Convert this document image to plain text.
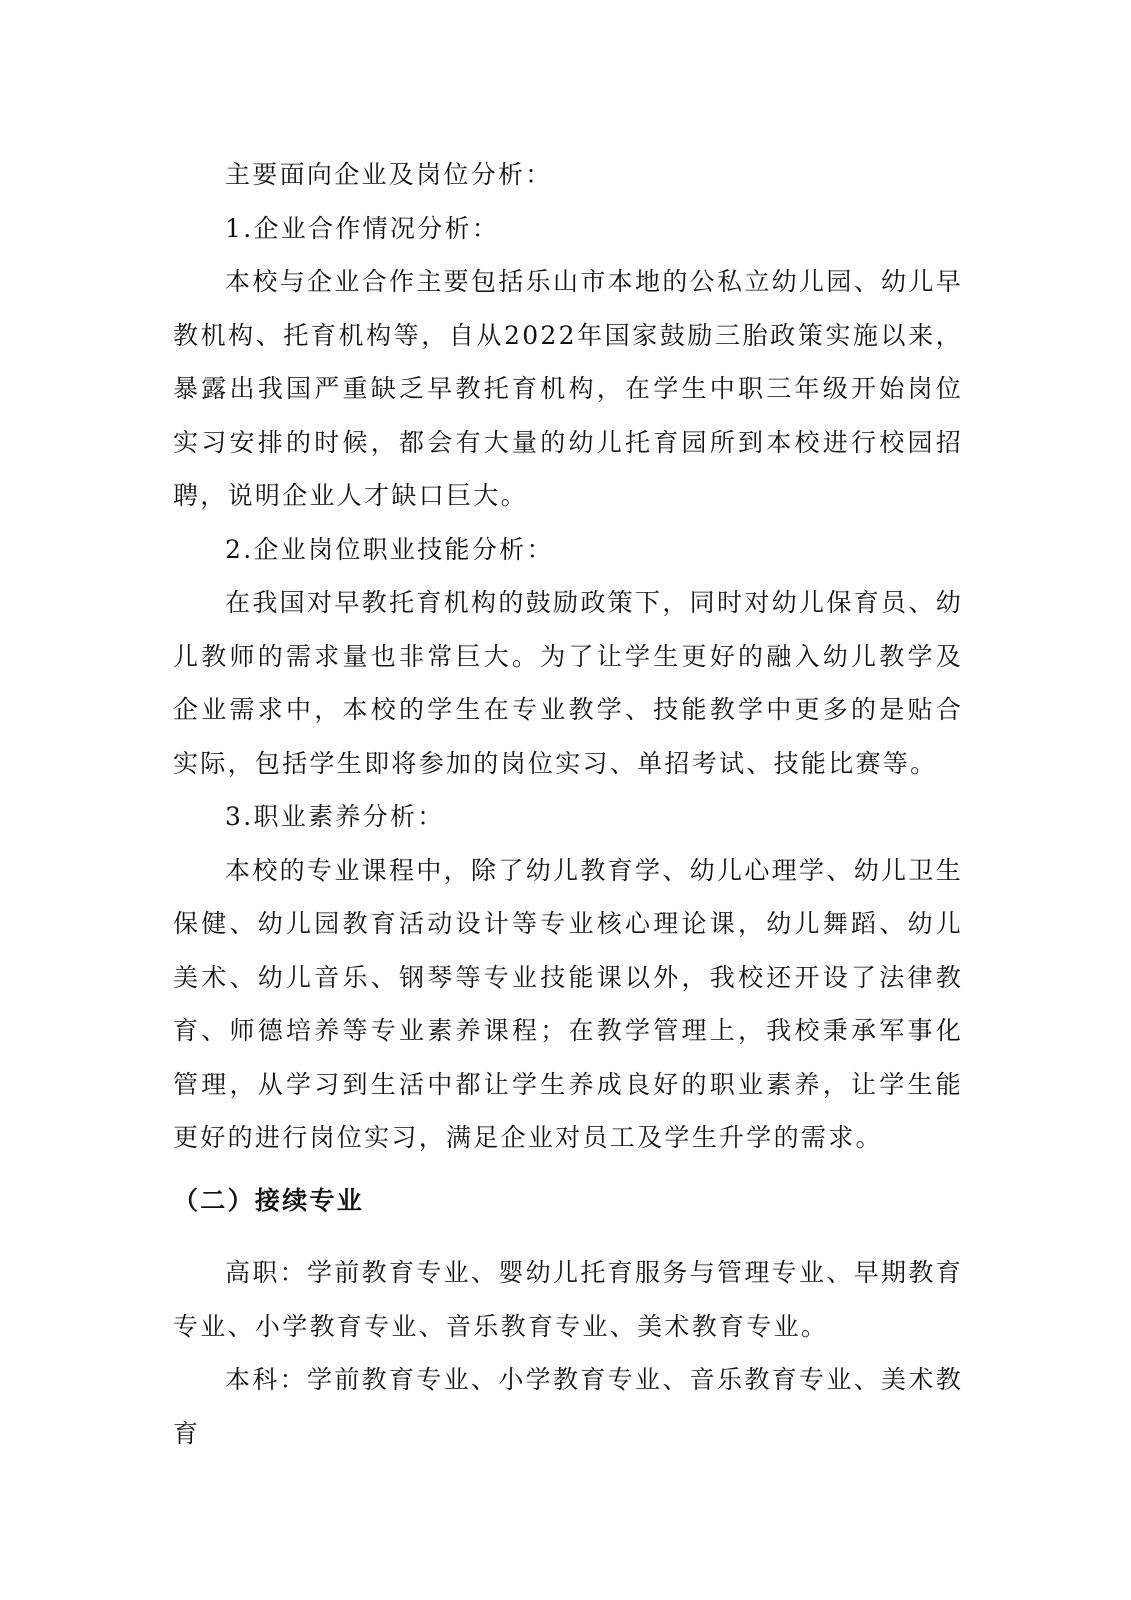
主要面向企业及岗位分析：

1.企业合作情况分析：

本校与企业合作主要包括乐山市本地的公私立幼儿园、幼儿早教机构、托育机构等，自从2022年国家鼓励三胎政策实施以来，暴露出我国严重缺乏早教托育机构，在学生中职三年级开始岗位实习安排的时候，都会有大量的幼儿托育园所到本校进行校园招聘，说明企业人才缺口巨大。

2.企业岗位职业技能分析：

在我国对早教托育机构的鼓励政策下，同时对幼儿保育员、幼儿教师的需求量也非常巨大。为了让学生更好的融入幼儿教学及企业需求中，本校的学生在专业教学、技能教学中更多的是贴合实际，包括学生即将参加的岗位实习、单招考试、技能比赛等。

3.职业素养分析：

本校的专业课程中，除了幼儿教育学、幼儿心理学、幼儿卫生保健、幼儿园教育活动设计等专业核心理论课，幼儿舞蹈、幼儿美术、幼儿音乐、钢琴等专业技能课以外，我校还开设了法律教育、师德培养等专业素养课程；在教学管理上，我校秉承军事化管理，从学习到生活中都让学生养成良好的职业素养，让学生能更好的进行岗位实习，满足企业对员工及学生升学的需求。

（二）接续专业

高职：学前教育专业、婴幼儿托育服务与管理专业、早期教育专业、小学教育专业、音乐教育专业、美术教育专业。

本科：学前教育专业、小学教育专业、音乐教育专业、美术教育
